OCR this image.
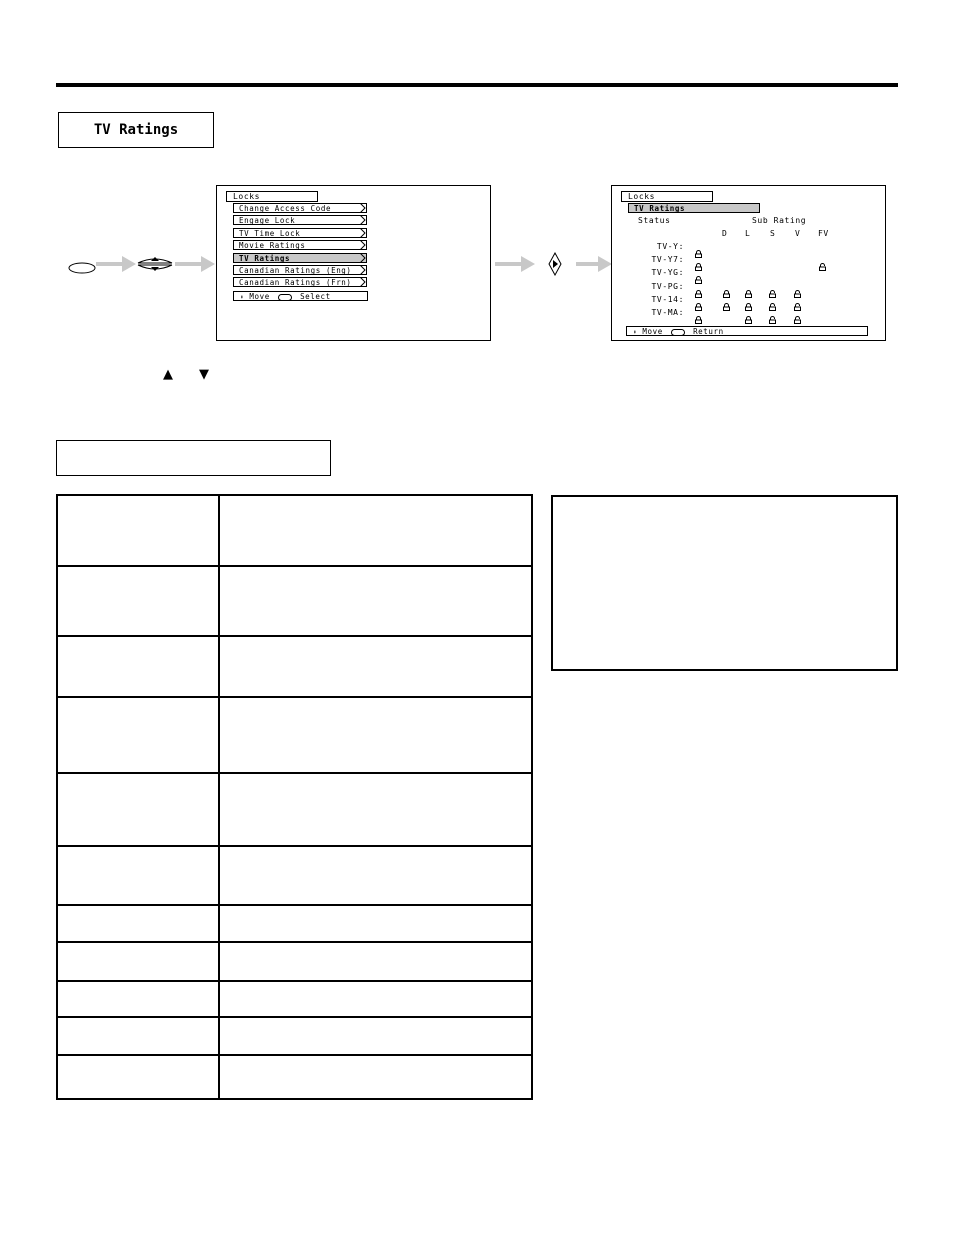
TV Ratings
Locks
⬍ Move	Select
Change Access Code
Engage Lock
TV Time Lock
Movie Ratings
TV Ratings
Canadian Ratings (Eng)
Canadian Ratings (Frn)
Locks
TV Ratings
Status	Sub Rating
⬍ Move	Return
D L S V FV
TV-Y:
TV-Y7:
TV-YG:
TV-PG:
TV-14:
TV-MA:
▲ ▼
